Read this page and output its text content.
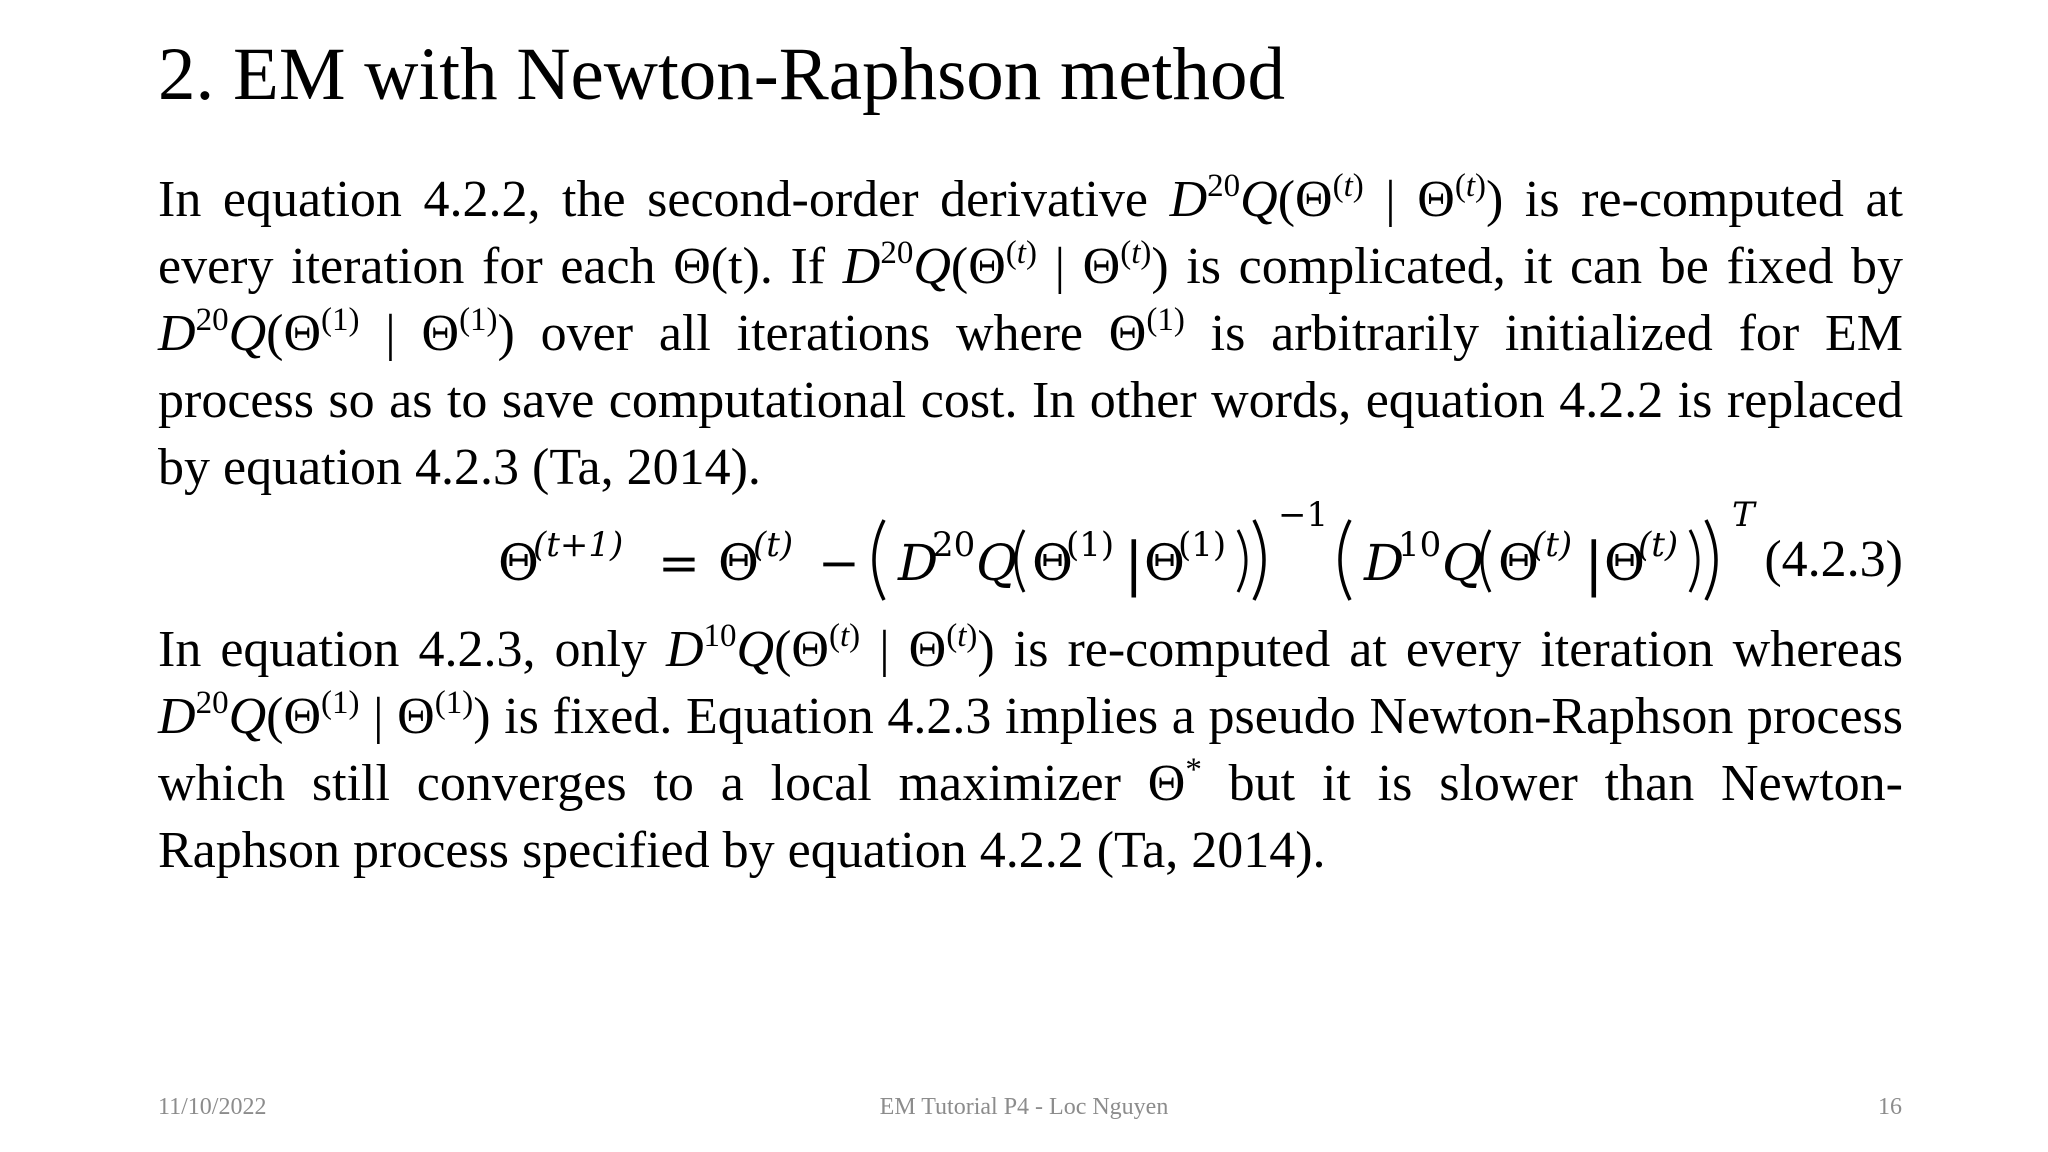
2. EM with Newton-Raphson method

In equation 4.2.2, the second-order derivative $D^{20}Q(\Theta^{(t)}$ | $\Theta^{(t)}$) is re-computed at every iteration for each Θ(t). If $D^{20}Q(\Theta^{(t)}$ | $\Theta^{(t)}$) is complicated, it can be fixed by $D^{20}Q(\Theta^{(1)}$ | $\Theta^{(1)}$) over all iterations where $\Theta^{(1)}$ is arbitrarily initialized for EM process so as to save computational cost. In other words, equation 4.2.2 is replaced by equation 4.2.3 (Ta, 2014).

Θ
(t+1) = Θ
(t) − D
20 Q Θ
(1) | Θ
(1)
−1
D
10 Q Θ
(t) | Θ
(t)
T
(4.2.3)

In equation 4.2.3, only $D^{10}Q(\Theta^{(t)}$ | $\Theta^{(t)}$) is re-computed at every iteration whereas $D^{20}Q(\Theta^{(1)}$ | $\Theta^{(1)}$) is fixed. Equation 4.2.3 implies a pseudo Newton-Raphson process which still converges to a local maximizer Θ* but it is slower than Newton-Raphson process specified by equation 4.2.2 (Ta, 2014).

11/10/2022	EM Tutorial P4 - Loc Nguyen	16
